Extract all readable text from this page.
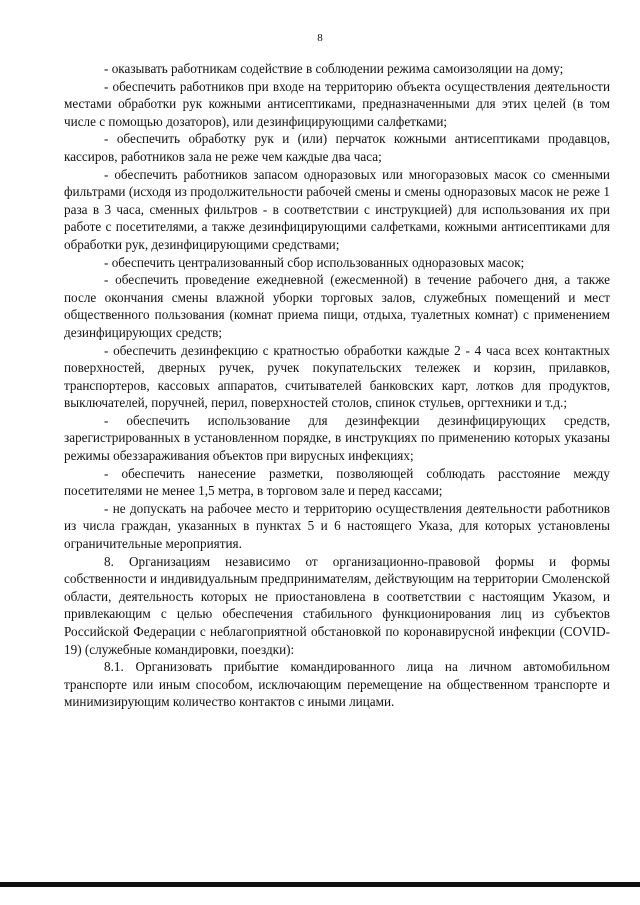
8

- оказывать работникам содействие в соблюдении режима самоизоляции на дому;

- обеспечить работников при входе на территорию объекта осуществления деятельности местами обработки рук кожными антисептиками, предназначенными для этих целей (в том числе с помощью дозаторов), или дезинфицирующими салфетками;

- обеспечить обработку рук и (или) перчаток кожными антисептиками продавцов, кассиров, работников зала не реже чем каждые два часа;

- обеспечить работников запасом одноразовых или многоразовых масок со сменными фильтрами (исходя из продолжительности рабочей смены и смены одноразовых масок не реже 1 раза в 3 часа, сменных фильтров - в соответствии с инструкцией) для использования их при работе с посетителями, а также дезинфицирующими салфетками, кожными антисептиками для обработки рук, дезинфицирующими средствами;

- обеспечить централизованный сбор использованных одноразовых масок;

- обеспечить проведение ежедневной (ежесменной) в течение рабочего дня, а также после окончания смены влажной уборки торговых залов, служебных помещений и мест общественного пользования (комнат приема пищи, отдыха, туалетных комнат) с применением дезинфицирующих средств;

- обеспечить дезинфекцию с кратностью обработки каждые 2 - 4 часа всех контактных поверхностей, дверных ручек, ручек покупательских тележек и корзин, прилавков, транспортеров, кассовых аппаратов, считывателей банковских карт, лотков для продуктов, выключателей, поручней, перил, поверхностей столов, спинок стульев, оргтехники и т.д.;

- обеспечить использование для дезинфекции дезинфицирующих средств, зарегистрированных в установленном порядке, в инструкциях по применению которых указаны режимы обеззараживания объектов при вирусных инфекциях;

- обеспечить нанесение разметки, позволяющей соблюдать расстояние между посетителями не менее 1,5 метра, в торговом зале и перед кассами;

- не допускать на рабочее место и территорию осуществления деятельности работников из числа граждан, указанных в пунктах 5 и 6 настоящего Указа, для которых установлены ограничительные мероприятия.

8. Организациям независимо от организационно-правовой формы и формы собственности и индивидуальным предпринимателям, действующим на территории Смоленской области, деятельность которых не приостановлена в соответствии с настоящим Указом, и привлекающим с целью обеспечения стабильного функционирования лиц из субъектов Российской Федерации с неблагоприятной обстановкой по коронавирусной инфекции (COVID-19) (служебные командировки, поездки):

8.1. Организовать прибытие командированного лица на личном автомобильном транспорте или иным способом, исключающим перемещение на общественном транспорте и минимизирующим количество контактов с иными лицами.
